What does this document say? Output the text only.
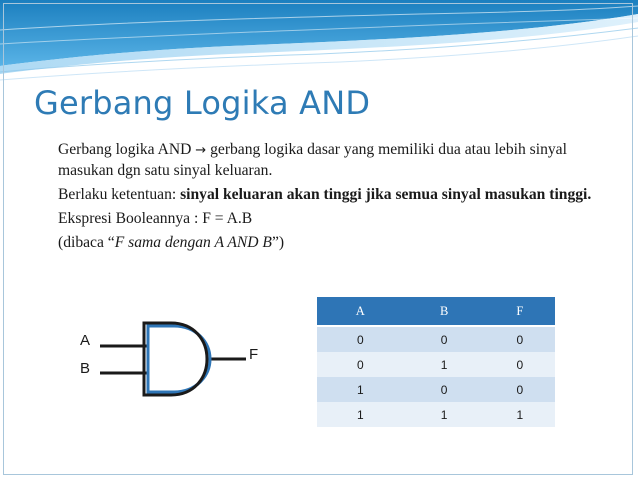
Gerbang Logika AND

Gerbang logika AND → gerbang logika dasar yang memiliki dua atau lebih sinyal masukan dgn satu sinyal keluaran.

Berlaku ketentuan: sinyal keluaran akan tinggi jika semua sinyal masukan tinggi.

Ekspresi Booleannya : F = A.B

(dibaca “F sama dengan A AND B”)

A
B
F
A	B	F
0	0	0
0	1	0
1	0	0
1	1	1
